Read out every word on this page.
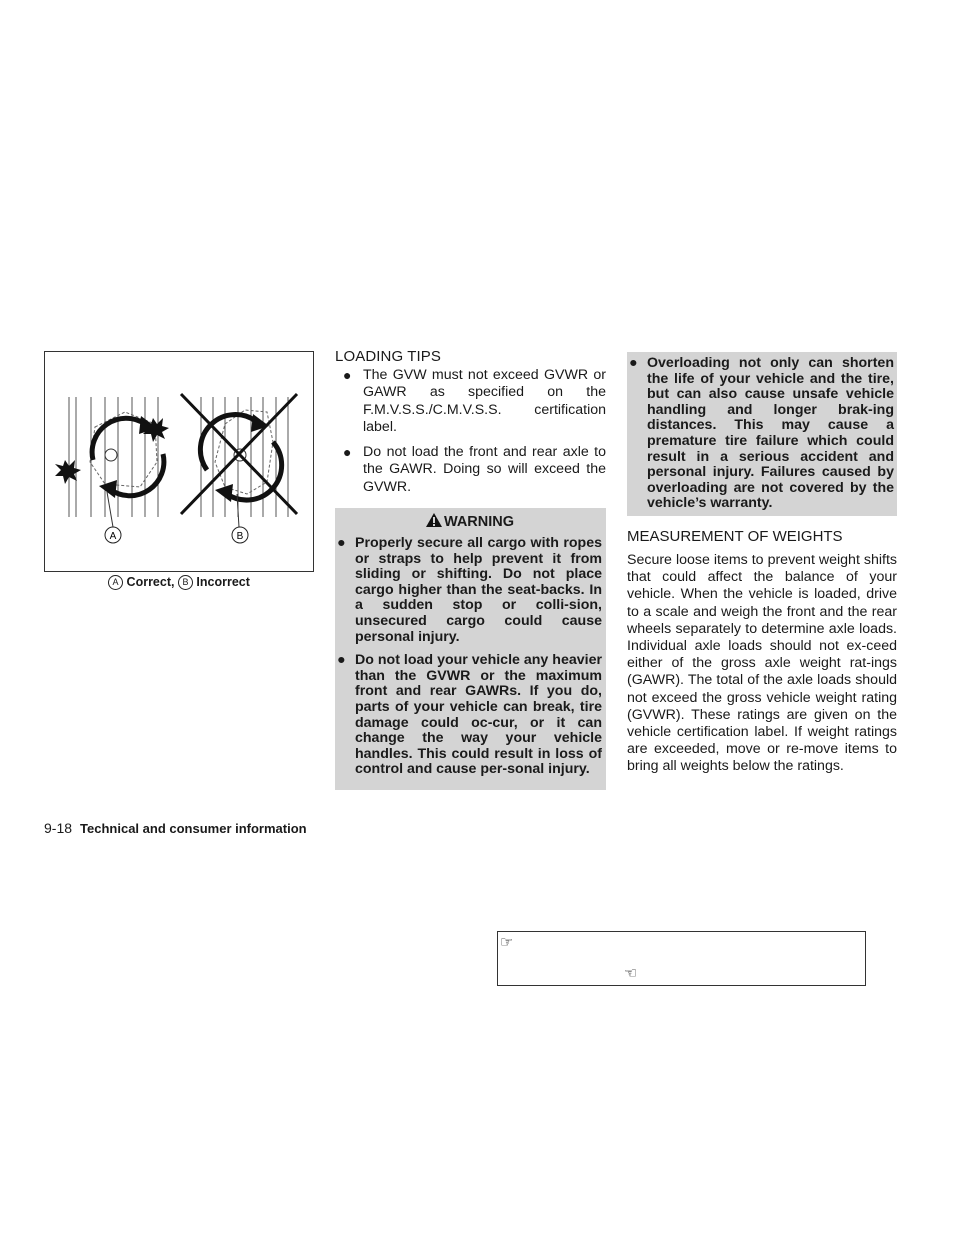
A	B
A Correct, B Incorrect
LOADING TIPS
● The GVW must not exceed GVWR or GAWR as specified on the F.M.V.S.S./C.M.V.S.S. certification label.
● Do not load the front and rear axle to the GAWR. Doing so will exceed the GVWR.
WARNING
● Properly secure all cargo with ropes or straps to help prevent it from sliding or shifting. Do not place cargo higher than the seat-backs. In a sudden stop or colli-sion, unsecured cargo could cause personal injury.
● Do not load your vehicle any heavier than the GVWR or the maximum front and rear GAWRs. If you do, parts of your vehicle can break, tire damage could oc-cur, or it can change the way your vehicle handles. This could result in loss of control and cause per-sonal injury.
● Overloading not only can shorten the life of your vehicle and the tire, but can also cause unsafe vehicle handling and longer brak-ing distances. This may cause a premature tire failure which could result in a serious accident and personal injury. Failures caused by overloading are not covered by the vehicle’s warranty.
MEASUREMENT OF WEIGHTS

Secure loose items to prevent weight shifts that could affect the balance of your vehicle. When the vehicle is loaded, drive to a scale and weigh the front and the rear wheels separately to determine axle loads. Individual axle loads should not ex-ceed either of the gross axle weight rat-ings (GAWR). The total of the axle loads should not exceed the gross vehicle weight rating (GVWR). These ratings are given on the vehicle certification label. If weight ratings are exceeded, move or re-move items to bring all weights below the ratings.

9-18 Technical and consumer information
☞
☜
